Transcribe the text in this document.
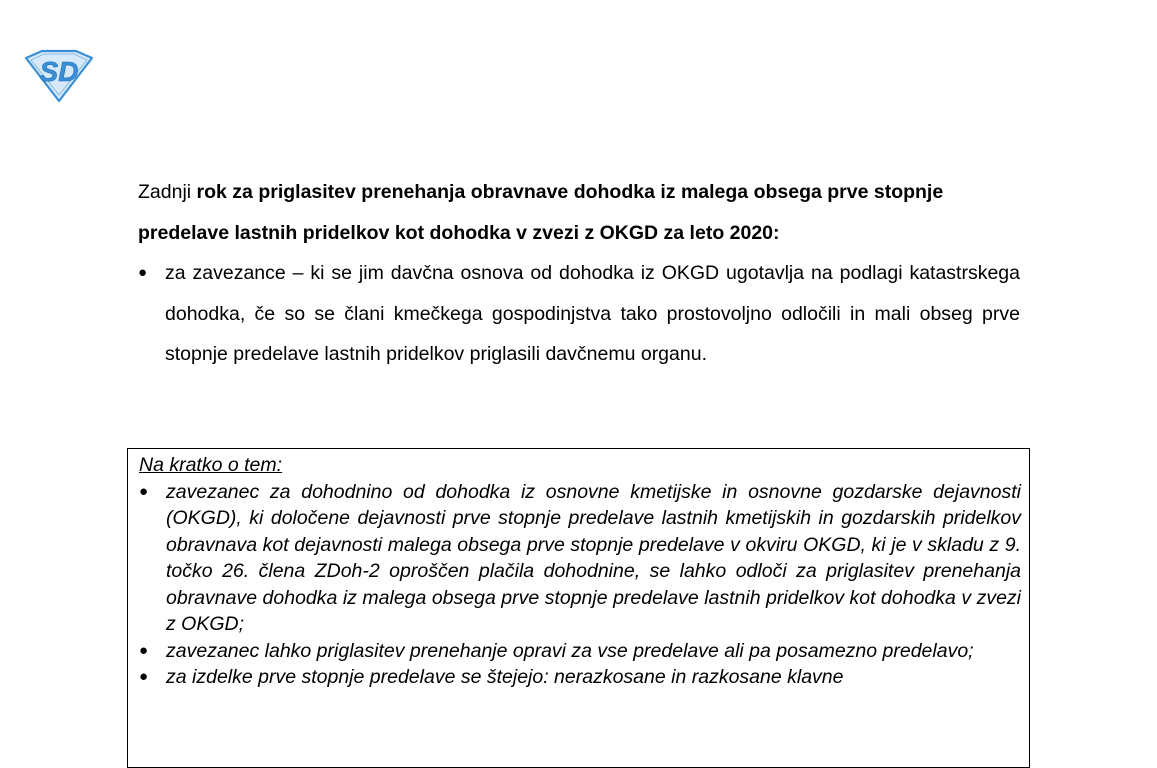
SD

Zadnji rok za priglasitev prenehanja obravnave dohodka iz malega obsega prve stopnje predelave lastnih pridelkov kot dohodka v zvezi z OKGD za leto 2020:

● za zavezance – ki se jim davčna osnova od dohodka iz OKGD ugotavlja na podlagi katastrskega dohodka, če so se člani kmečkega gospodinjstva tako prostovoljno odločili in mali obseg prve stopnje predelave lastnih pridelkov priglasili davčnemu organu.

Na kratko o tem:

● zavezanec za dohodnino od dohodka iz osnovne kmetijske in osnovne gozdarske dejavnosti (OKGD), ki določene dejavnosti prve stopnje predelave lastnih kmetijskih in gozdarskih pridelkov obravnava kot dejavnosti malega obsega prve stopnje predelave v okviru OKGD, ki je v skladu z 9. točko 26. člena ZDoh-2 oproščen plačila dohodnine, se lahko odloči za priglasitev prenehanja obravnave dohodka iz malega obsega prve stopnje predelave lastnih pridelkov kot dohodka v zvezi z OKGD;
● zavezanec lahko priglasitev prenehanje opravi za vse predelave ali pa posamezno predelavo;
● za izdelke prve stopnje predelave se štejejo: nerazkosane in razkosane klavne
